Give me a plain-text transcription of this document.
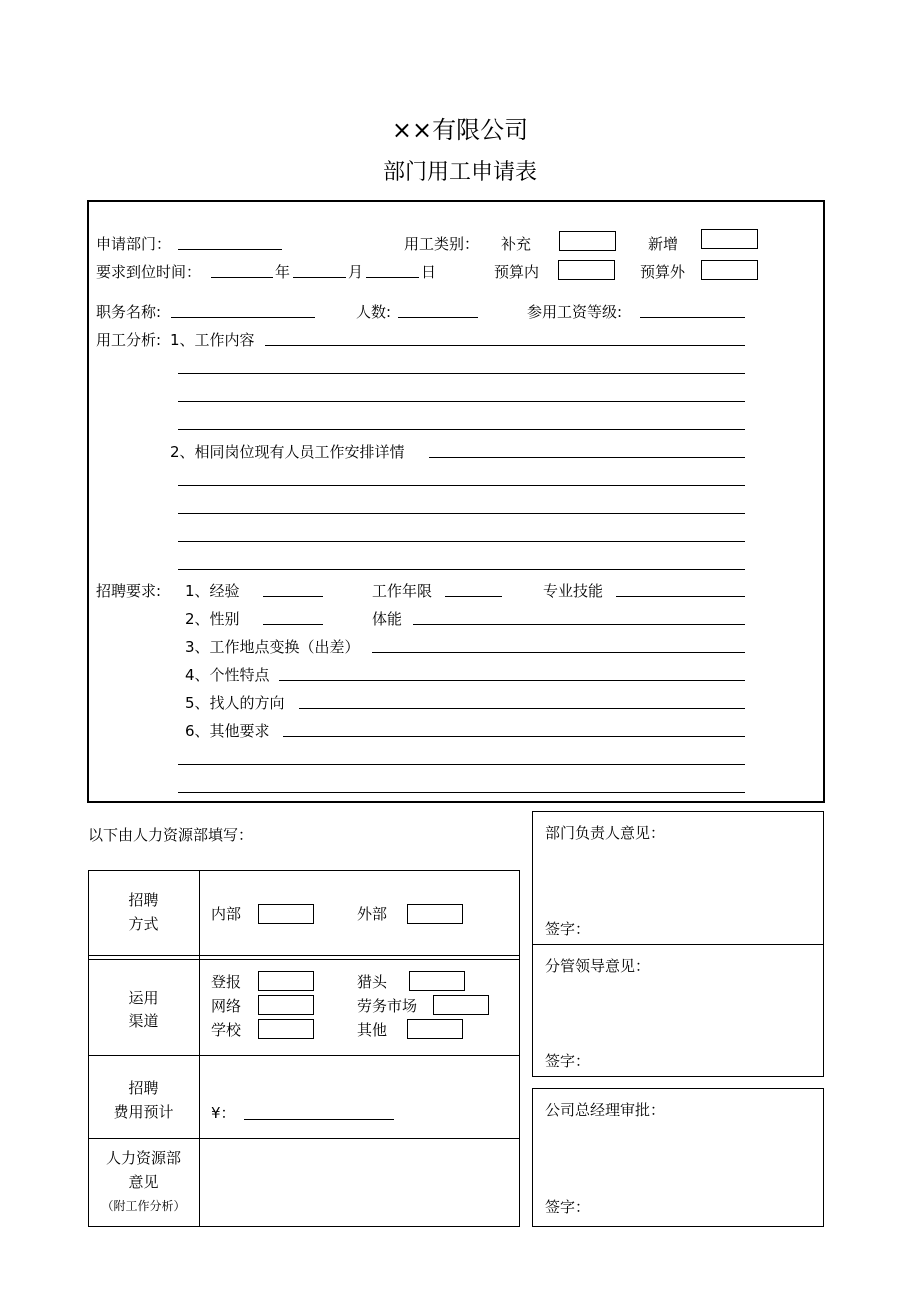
××有限公司
部门用工申请表
申请部门：	用工类别： 补充	新增
要求到位时间：	年	月	日	预算内	预算外
职务名称:	人数:	参用工资等级:
用工分析: 1、工作内容
2、相同岗位现有人员工作安排详情
招聘要求: 1、经验	工作年限	专业技能
2、性别	体能
3、工作地点变换（出差）
4、个性特点
5、找人的方向
6、其他要求
以下由人力资源部填写：
招聘
方式
内部	外部
运用
渠道
登报	猎头
网络	劳务市场
学校	其他
招聘
费用预计	¥：
人力资源部
意见
（附工作分析）
部门负责人意见：
签字：
分管领导意见：
签字：
公司总经理审批：
签字：
